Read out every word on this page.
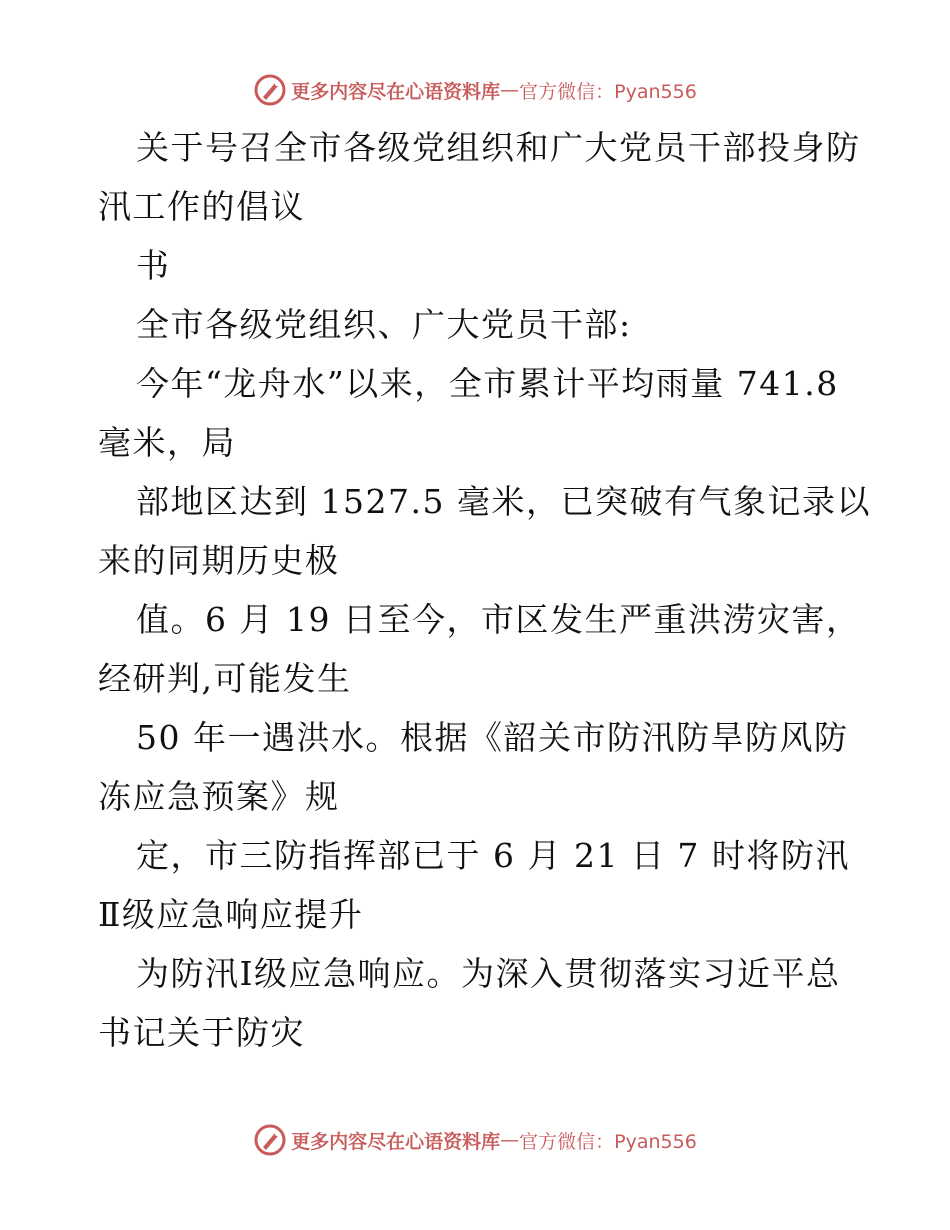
更多内容尽在心语资料库 — 官方微信：Pyan556
关于号召全市各级党组织和广大党员干部投身防
汛工作的倡议
书
全市各级党组织、广大党员干部:
今年“龙舟水”以来，全市累计平均雨量 741.8
毫米，局
部地区达到 1527.5 毫米，已突破有气象记录以
来的同期历史极
值。6 月 19 日至今，市区发生严重洪涝灾害，
经研判,可能发生
50 年一遇洪水。根据《韶关市防汛防旱防风防
冻应急预案》规
定，市三防指挥部已于 6 月 21 日 7 时将防汛
Ⅱ级应急响应提升
为防汛Ⅰ级应急响应。为深入贯彻落实习近平总
书记关于防灾
更多内容尽在心语资料库 — 官方微信：Pyan556
